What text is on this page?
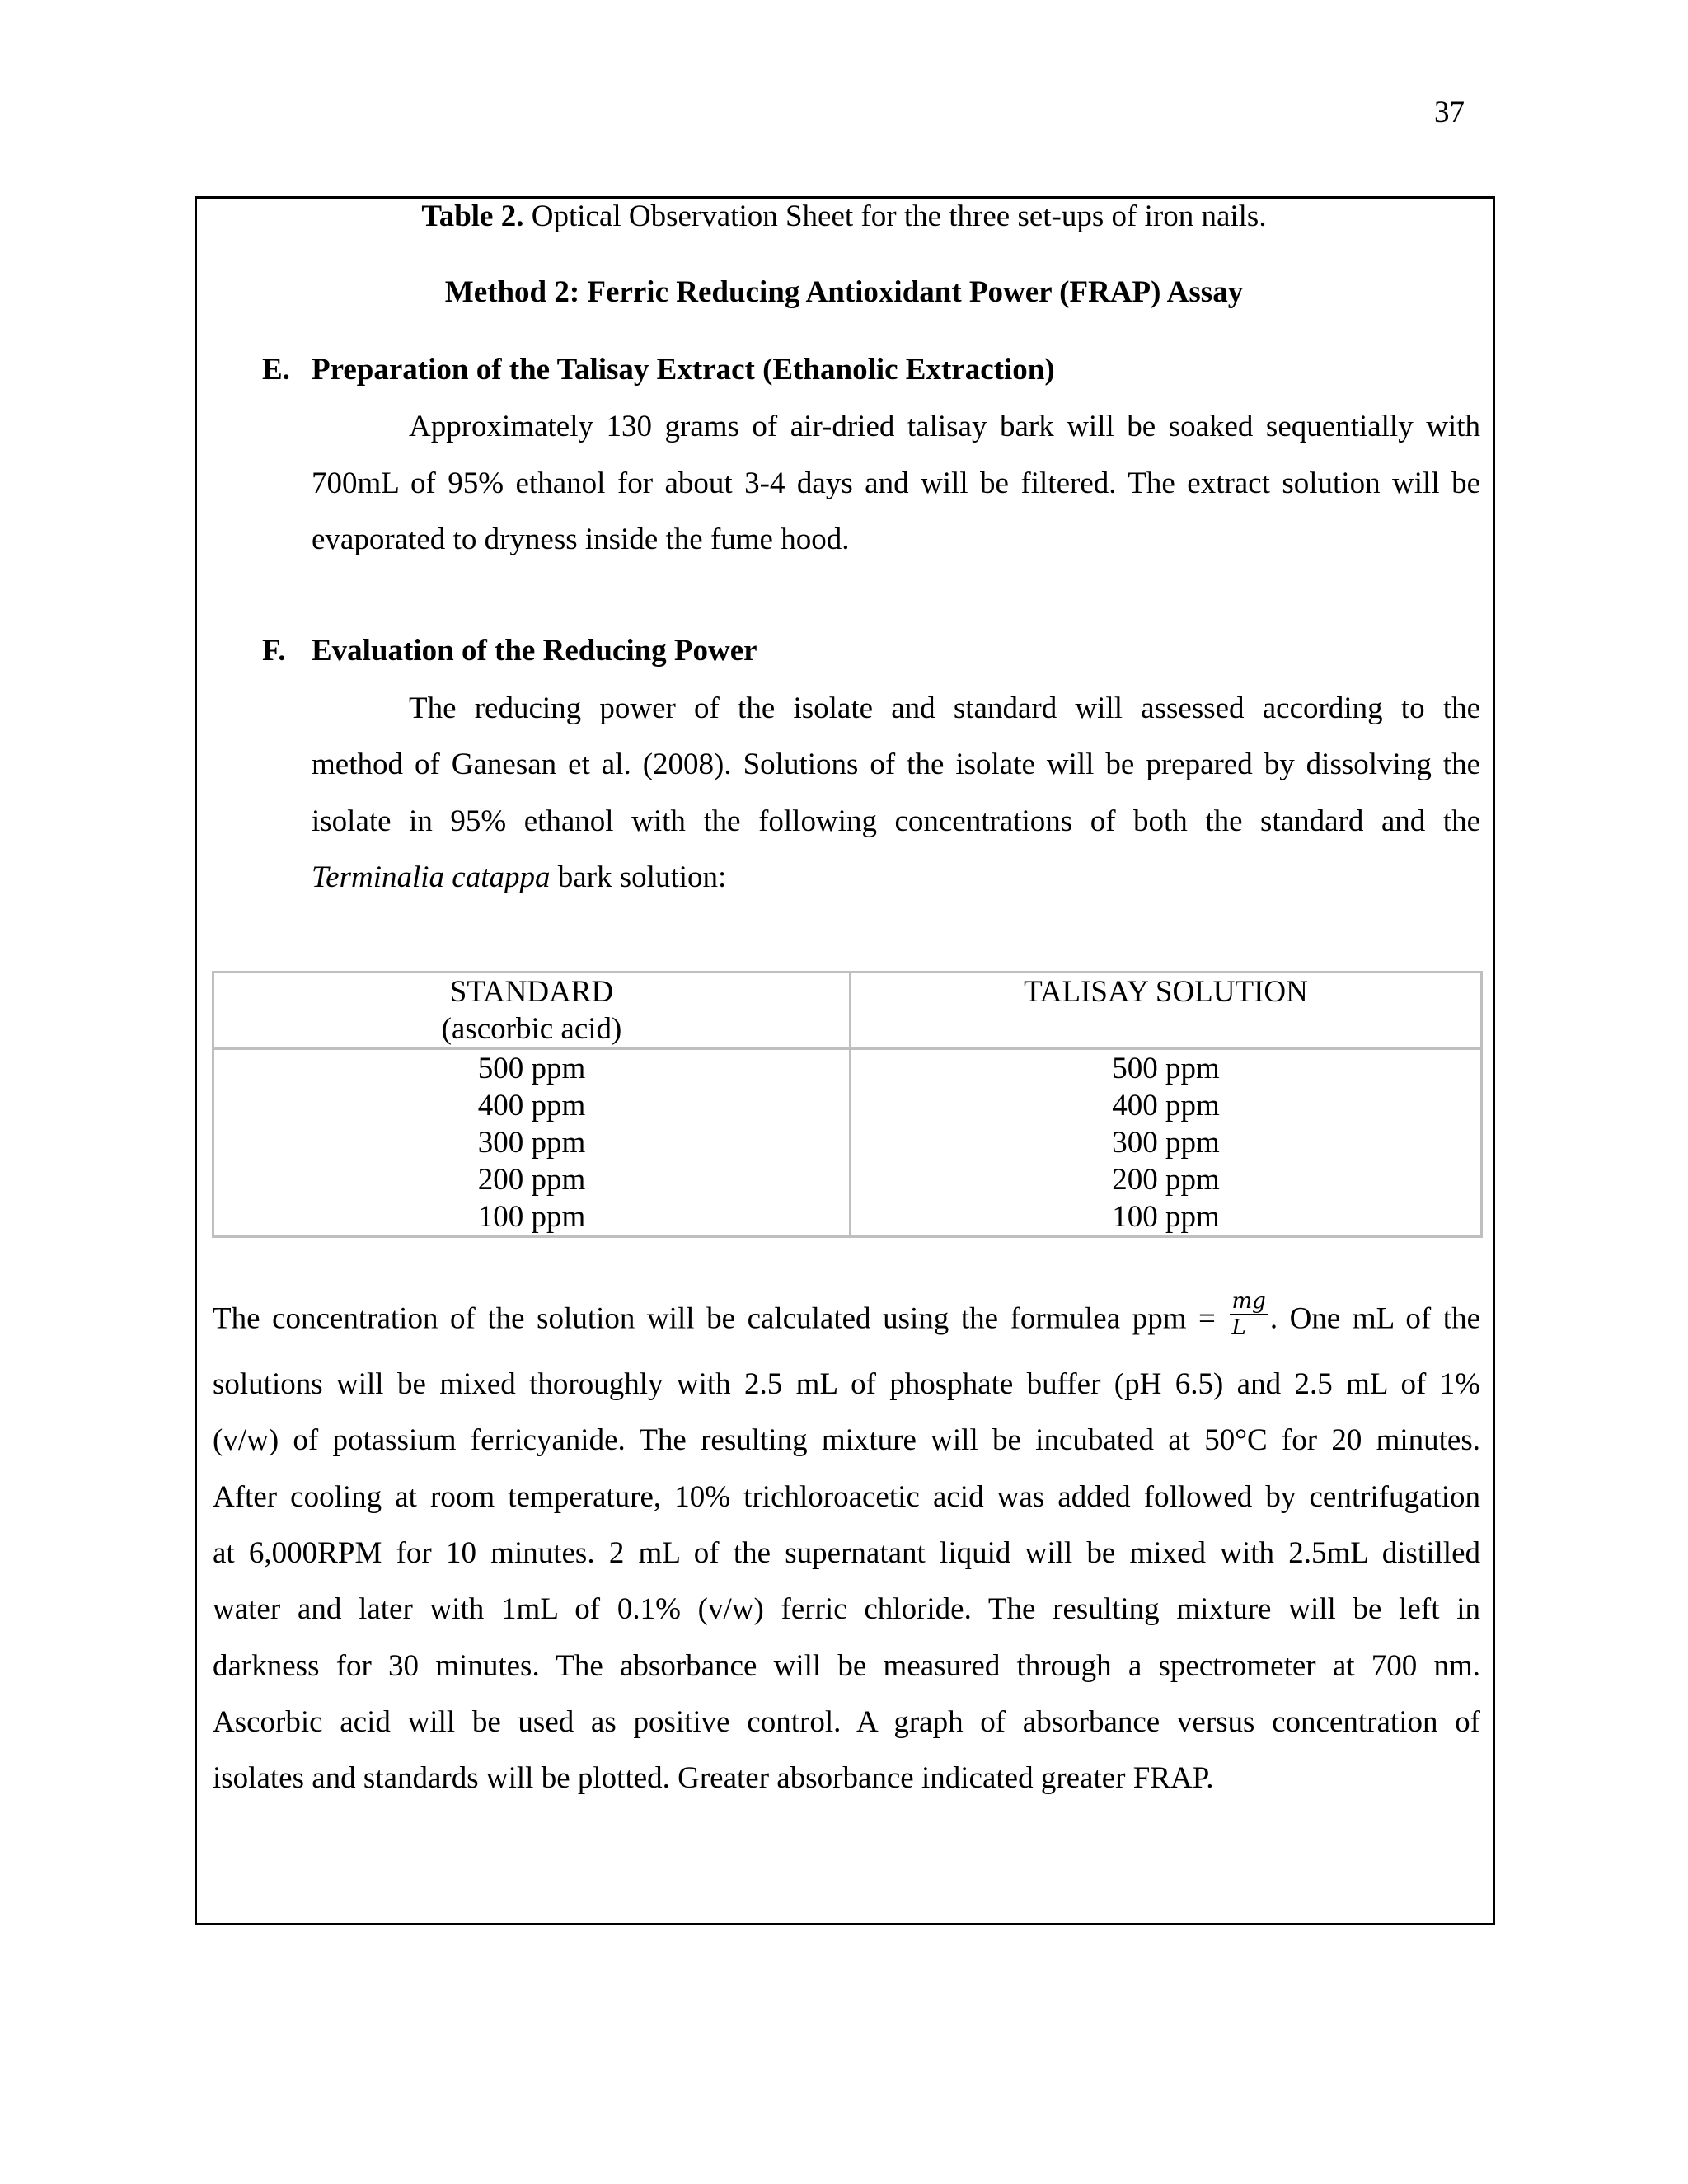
37
Table 2. Optical Observation Sheet for the three set-ups of iron nails.
Method 2: Ferric Reducing Antioxidant Power (FRAP) Assay
E. Preparation of the Talisay Extract (Ethanolic Extraction)
Approximately 130 grams of air-dried talisay bark will be soaked sequentially with
700mL of 95% ethanol for about 3-4 days and will be filtered. The extract solution will be
evaporated to dryness inside the fume hood.
F. Evaluation of the Reducing Power
The reducing power of the isolate and standard will assessed according to the
method of Ganesan et al. (2008). Solutions of the isolate will be prepared by dissolving the
isolate in 95% ethanol with the following concentrations of both the standard and the
Terminalia catappa bark solution:
STANDARD
(ascorbic acid)
TALISAY SOLUTION
500 ppm
400 ppm
300 ppm
200 ppm
100 ppm
500 ppm
400 ppm
300 ppm
200 ppm
100 ppm
The concentration of the solution will be calculated using the formulea ppm = $\frac{mg}{L}$ . One mL of the
solutions will be mixed thoroughly with 2.5 mL of phosphate buffer (pH 6.5) and 2.5 mL of 1%
(v/w) of potassium ferricyanide. The resulting mixture will be incubated at 50°C for 20 minutes.
After cooling at room temperature, 10% trichloroacetic acid was added followed by centrifugation
at 6,000RPM for 10 minutes. 2 mL of the supernatant liquid will be mixed with 2.5mL distilled
water and later with 1mL of 0.1% (v/w) ferric chloride. The resulting mixture will be left in
darkness for 30 minutes. The absorbance will be measured through a spectrometer at 700 nm.
Ascorbic acid will be used as positive control. A graph of absorbance versus concentration of
isolates and standards will be plotted. Greater absorbance indicated greater FRAP.
